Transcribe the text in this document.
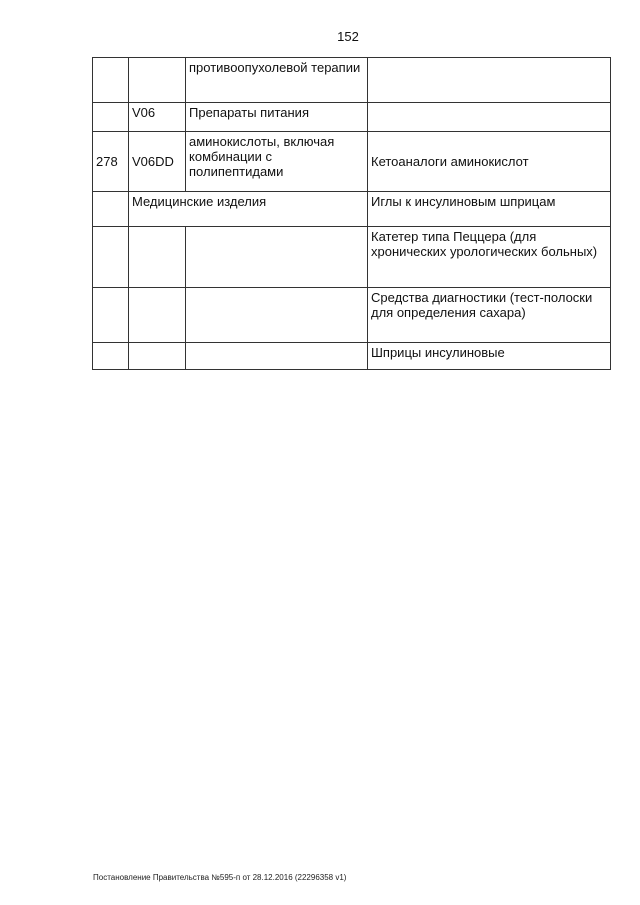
152
		противоопухолевой терапии	
	V06	Препараты питания	
278	V06DD	аминокислоты, включая комбинации с полипептидами	Кетоаналоги аминокислот
	Медицинские изделия		Иглы к инсулиновым шприцам
			Катетер типа Пеццера (для хронических урологических больных)
			Средства диагностики (тест-полоски для определения сахара)
			Шприцы инсулиновые
Постановление Правительства №595-п от 28.12.2016 (22296358 v1)
